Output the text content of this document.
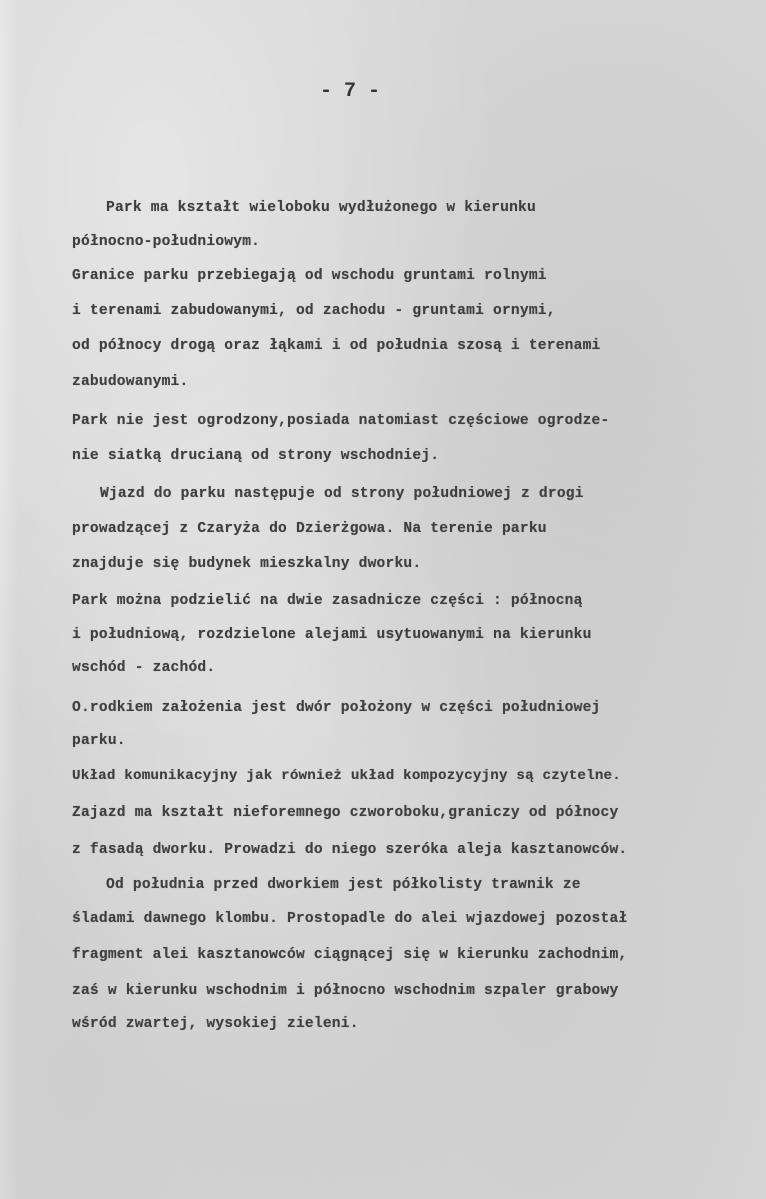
- 7 -
Park ma kształt wieloboku wydłużonego w kierunku
północno-południowym.
Granice parku przebiegają od wschodu gruntami rolnymi
i terenami zabudowanymi, od zachodu - gruntami ornymi,
od północy drogą oraz łąkami i od południa szosą i terenami
zabudowanymi.
Park nie jest ogrodzony,posiada natomiast częściowe ogrodze-
nie siatką drucianą od strony wschodniej.
Wjazd do parku następuje od strony południowej z drogi
prowadzącej z Czaryża do Dzierżgowa. Na terenie parku
znajduje się budynek mieszkalny dworku.
Park można podzielić na dwie zasadnicze części : północną
i południową, rozdzielone alejami usytuowanymi na kierunku
wschód - zachód.
O.rodkiem założenia jest dwór położony w części południowej
parku.
Układ komunikacyjny jak również układ kompozycyjny są czytelne.
Zajazd ma kształt nieforemnego czworoboku,graniczy od północy
z fasadą dworku. Prowadzi do niego szeróka aleja kasztanowców.
Od południa przed dworkiem jest półkolisty trawnik ze
śladami dawnego klombu. Prostopadle do alei wjazdowej pozostał
fragment alei kasztanowców ciągnącej się w kierunku zachodnim,
zaś w kierunku wschodnim i północno wschodnim szpaler grabowy
wśród zwartej, wysokiej zieleni.
